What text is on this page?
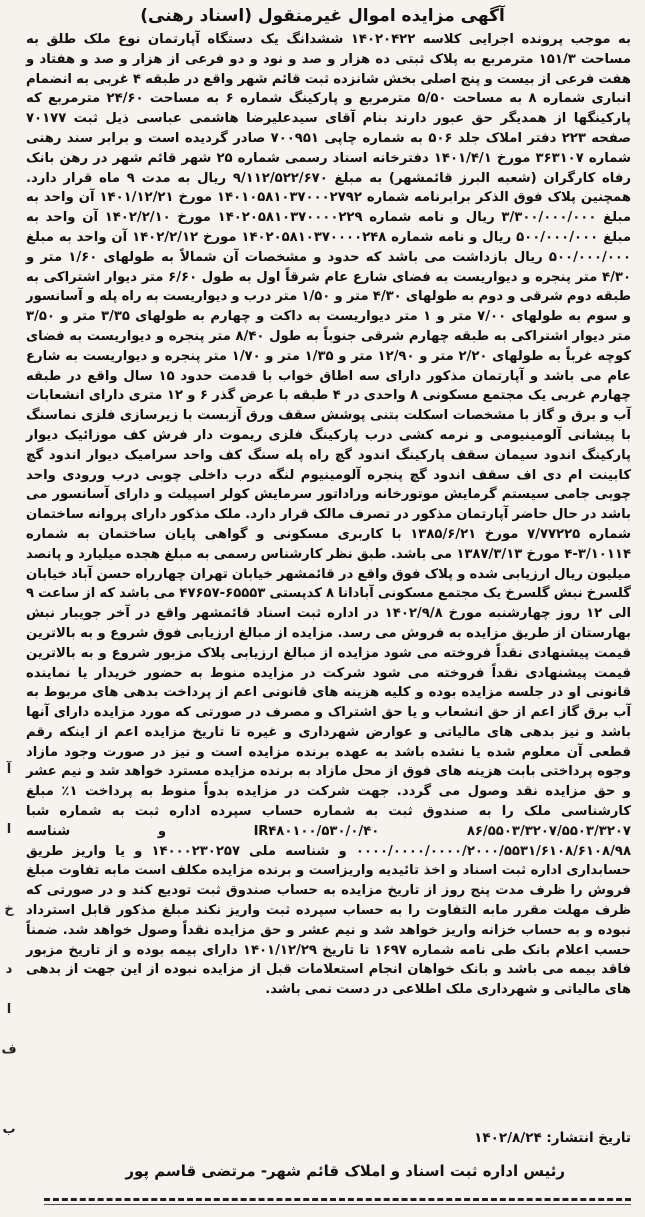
آگهی مزایده اموال غیرمنقول (اسناد رهنی)
به موجب پرونده اجرایی کلاسه ۱۴۰۲۰۴۲۲ ششدانگ یک دستگاه آپارتمان نوع ملک طلق به مساحت ۱۵۱/۳ مترمربع به پلاک ثبتی ده هزار و صد و نود و دو فرعی از هزار و صد و هفتاد و هفت فرعی از بیست و پنج اصلی بخش شانزده ثبت قائم شهر واقع در طبقه ۴ غربی به انضمام انباری شماره ۸ به مساحت ۵/۵۰ مترمربع و پارکینگ شماره ۶ به مساحت ۲۴/۶۰ مترمربع که پارکینگها از همدیگر حق عبور دارند بنام آقای سیدعلیرضا هاشمی عباسی ذیل ثبت ۷۰۱۷۷ صفحه ۲۲۳ دفتر املاک جلد ۵۰۶ به شماره چاپی ۷۰۰۹۵۱ صادر گردیده است و برابر سند رهنی شماره ۳۶۳۱۰۷ مورخ ۱۴۰۱/۴/۱ دفترخانه اسناد رسمی شماره ۲۵ شهر قائم شهر در رهن بانک رفاه کارگران (شعبه البرز قائمشهر) به مبلغ ۹/۱۱۲/۵۲۲/۶۷۰ ریال به مدت ۹ ماه قرار دارد. همچنین پلاک فوق الذکر برابرنامه شماره ۱۴۰۱۰۵۸۱۰۳۷۰۰۰۲۷۹۲ مورخ ۱۴۰۱/۱۲/۲۱ آن واحد به مبلغ ۳/۳۰۰/۰۰۰/۰۰۰ ریال و نامه شماره ۱۴۰۲۰۵۸۱۰۳۷۰۰۰۰۲۲۹ مورخ ۱۴۰۲/۲/۱۰ آن واحد به مبلغ ۵۰۰/۰۰۰/۰۰۰ ریال و نامه شماره ۱۴۰۲۰۵۸۱۰۳۷۰۰۰۰۲۴۸ مورخ ۱۴۰۲/۲/۱۲ آن واحد به مبلغ ۵۰۰/۰۰۰/۰۰۰ ریال بازداشت می باشد که حدود و مشخصات آن شمالاً به طولهای ۱/۶۰ متر و ۴/۳۰ متر پنجره و دیواریست به فضای شارع عام شرقاً اول به طول ۶/۶۰ متر دیوار اشتراکی به طبقه دوم شرقی و دوم به طولهای ۴/۳۰ متر و ۱/۵۰ متر درب و دیواریست به راه پله و آسانسور و سوم به طولهای ۷/۰۰ متر و ۱ متر دیواریست به داکت و چهارم به طولهای ۳/۳۵ متر و ۳/۵۰ متر دیوار اشتراکی به طبقه چهارم شرقی جنوباً به طول ۸/۴۰ متر پنجره و دیواریست به فضای کوچه غرباً به طولهای ۲/۲۰ متر و ۱۲/۹۰ متر و ۱/۳۵ متر و ۱/۷۰ متر پنجره و دیواریست به شارع عام می باشد و آپارتمان مذکور دارای سه اطاق خواب با قدمت حدود ۱۵ سال واقع در طبقه چهارم غربی یک مجتمع مسکونی ۸ واحدی در ۴ طبقه با عرض گذر ۶ و ۱۲ متری دارای انشعابات آب و برق و گاز با مشخصات اسکلت بتنی پوشش سقف ورق آزبست با زیرسازی فلزی نماسنگ با پیشانی آلومینیومی و نرمه کشی درب پارکینگ فلزی ریموت دار فرش کف موزائیک دیوار پارکینگ اندود سیمان سقف پارکینگ اندود گچ راه پله سنگ کف واحد سرامیک دیوار اندود گچ کابینت ام دی اف سقف اندود گچ پنجره آلومینیوم لنگه درب داخلی چوبی درب ورودی واحد چوبی جامی سیستم گرمایش موتورخانه وراداتور سرمایش کولر اسپیلت و دارای آسانسور می باشد در حال حاضر آپارتمان مذکور در تصرف مالک قرار دارد. ملک مذکور دارای پروانه ساختمان شماره ۷/۷۷۲۲۵ مورخ ۱۳۸۵/۶/۲۱ با کاربری مسکونی و گواهی پایان ساختمان به شماره ۳/۱۰۱۱۴-۴ مورخ ۱۳۸۷/۳/۱۳ می باشد. طبق نظر کارشناس رسمی به مبلغ هجده میلیارد و پانصد میلیون ریال ارزیابی شده و پلاک فوق واقع در قائمشهر خیابان تهران چهارراه حسن آباد خیابان گلسرخ نبش گلسرخ یک مجتمع مسکونی آبادانا ۸ کدپستی ۶۵۵۵۳-۴۷۶۵۷ می باشد که از ساعت ۹ الی ۱۲ روز چهارشنبه مورخ ۱۴۰۲/۹/۸ در اداره ثبت اسناد قائمشهر واقع در آخر جویبار نبش بهارستان از طریق مزایده به فروش می رسد. مزایده از مبالغ ارزیابی فوق شروع و به بالاترین قیمت پیشنهادی نقداً فروخته می شود مزایده از مبالغ ارزیابی پلاک مزبور شروع و به بالاترین قیمت پیشنهادی نقداً فروخته می شود شرکت در مزایده منوط به حضور خریدار یا نماینده قانونی او در جلسه مزایده بوده و کلیه هزینه های قانونی اعم از پرداخت بدهی های مربوط به آب برق گاز اعم از حق انشعاب و یا حق اشتراک و مصرف در صورتی که مورد مزایده دارای آنها باشد و نیز بدهی های مالیاتی و عوارض شهرداری و غیره تا تاریخ مزایده اعم از اینکه رقم قطعی آن معلوم شده یا نشده باشد به عهده برنده مزایده است و نیز در صورت وجود مازاد وجوه پرداختی بابت هزینه های فوق از محل مازاد به برنده مزایده مسترد خواهد شد و نیم عشر و حق مزایده نقد وصول می گردد. جهت شرکت در مزایده بدواً منوط به پرداخت ۱٪ مبلغ کارشناسی ملک را به صندوق ثبت به شماره حساب سپرده اداره ثبت به شماره شبا IR۴۸۰۱۰۰/۵۳۰/۰/۴۰ ۸۶/۵۵۰۳/۳۲۰۷/۵۵۰۳/۳۲۰۷ و شناسه ۰۰۰۰/۰۰۰۰/۰۰۰۰/۲۰۰۰/۵۵۳۱/۶۱۰۸/۶۱۰۸/۹۸ و شناسه ملی ۱۴۰۰۰۲۳۰۲۵۷ و یا واریز طریق حسابداری اداره ثبت اسناد و اخذ تائیدیه واریزاست و برنده مزایده مکلف است مابه تفاوت مبلغ فروش را ظرف مدت پنج روز از تاریخ مزایده به حساب صندوق ثبت تودیع کند و در صورتی که ظرف مهلت مقرر مابه التفاوت را به حساب سپرده ثبت واریز نکند مبلغ مذکور قابل استرداد نبوده و به حساب خزانه واریز خواهد شد و نیم عشر و حق مزایده نقداً وصول خواهد شد. ضمناً حسب اعلام بانک طی نامه شماره ۱۶۹۷ تا تاریخ ۱۴۰۱/۱۲/۲۹ دارای بیمه بوده و از تاریخ مزبور فاقد بیمه می باشد و بانک خواهان انجام استعلامات قبل از مزایده نبوده از این جهت از بدهی های مالیاتی و شهرداری ملک اطلاعی در دست نمی باشد.
تاریخ انتشار: ۱۴۰۲/۸/۲۴
رئیس اداره ثبت اسناد و املاک قائم شهر- مرتضی قاسم پور
آ
ا
خ
د
ا
ف
ب
